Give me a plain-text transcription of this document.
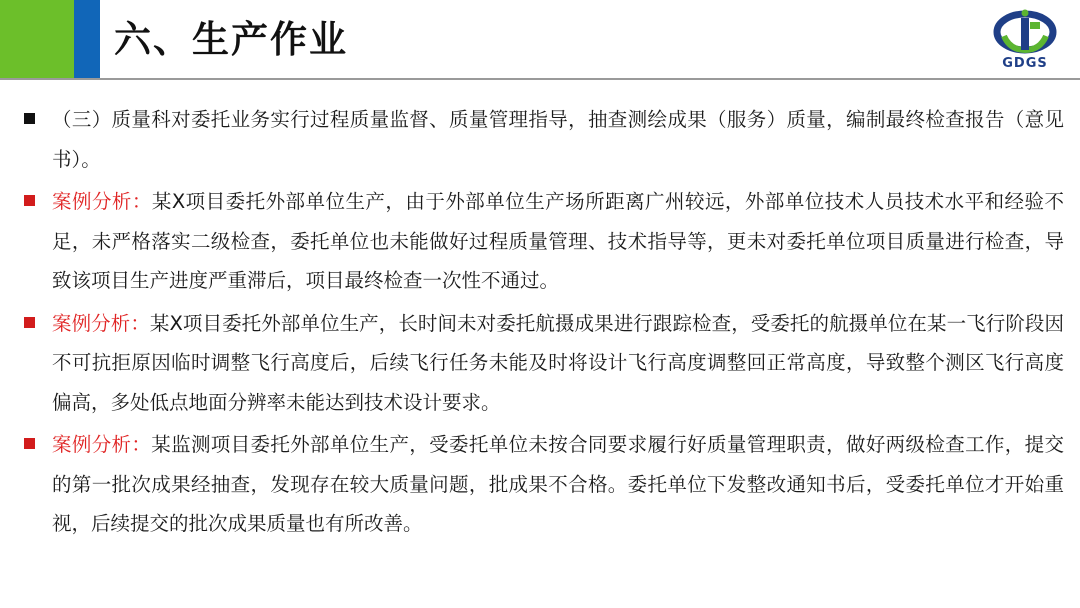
六、生产作业
GDGS
（三）质量科对委托业务实行过程质量监督、质量管理指导，抽查测绘成果（服务）质量，编制最终检查报告（意见书）。
案例分析：某X项目委托外部单位生产，由于外部单位生产场所距离广州较远，外部单位技术人员技术水平和经验不足，未严格落实二级检查，委托单位也未能做好过程质量管理、技术指导等，更未对委托单位项目质量进行检查，导致该项目生产进度严重滞后，项目最终检查一次性不通过。
案例分析：某X项目委托外部单位生产，长时间未对委托航摄成果进行跟踪检查，受委托的航摄单位在某一飞行阶段因不可抗拒原因临时调整飞行高度后，后续飞行任务未能及时将设计飞行高度调整回正常高度，导致整个测区飞行高度偏高，多处低点地面分辨率未能达到技术设计要求。
案例分析：某监测项目委托外部单位生产，受委托单位未按合同要求履行好质量管理职责，做好两级检查工作，提交的第一批次成果经抽查，发现存在较大质量问题，批成果不合格。委托单位下发整改通知书后，受委托单位才开始重视，后续提交的批次成果质量也有所改善。
